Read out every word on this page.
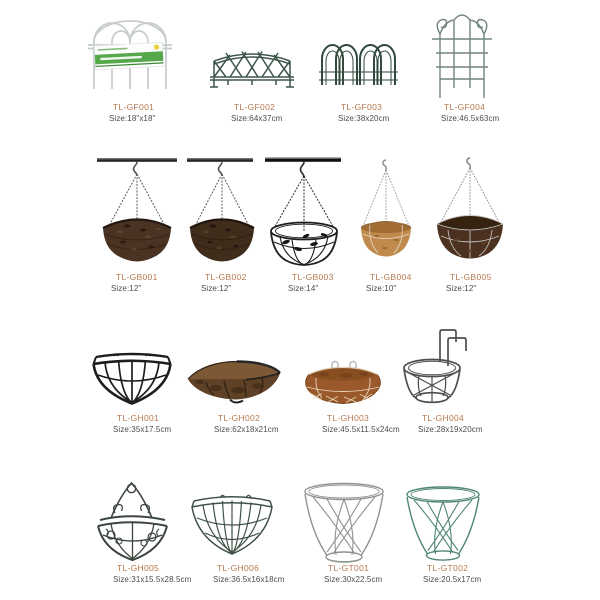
TL-GF001
Size:18"x18"
TL-GF002
Size:64x37cm
TL-GF003
Size:38x20cm
TL-GF004
Size:46.5x63cm
TL-GB001
Size:12"
TL-GB002
Size:12"
TL-GB003
Size:14"
TL-GB004
Size:10"
TL-GB005
Size:12"
TL-GH001
Size:35x17.5cm
TL-GH002
Size:62x18x21cm
TL-GH003
Size:45.5x11.5x24cm
TL-GH004
Size:28x19x20cm
TL-GH005
Size:31x15.5x28.5cm
TL-GH006
Size:36.5x16x18cm
TL-GT001
Size:30x22.5cm
TL-GT002
Size:20.5x17cm
